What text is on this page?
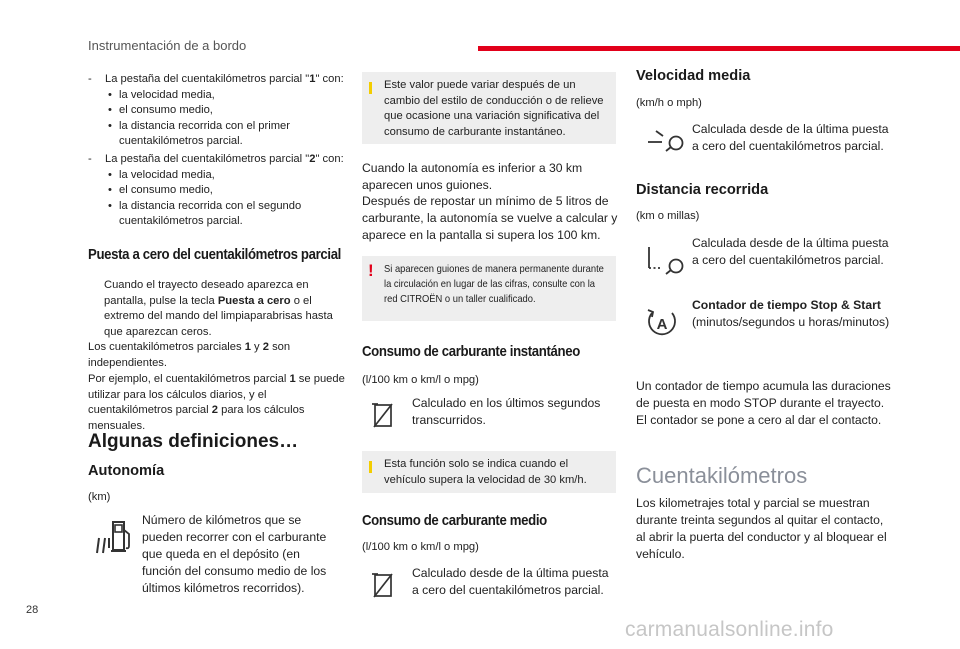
Instrumentación de a bordo
- La pestaña del cuentakilómetros parcial "1" con:
• la velocidad media,
• el consumo medio,
• la distancia recorrida con el primer cuentakilómetros parcial.
- La pestaña del cuentakilómetros parcial "2" con:
• la velocidad media,
• el consumo medio,
• la distancia recorrida con el segundo cuentakilómetros parcial.
Puesta a cero del cuentakilómetros parcial
Cuando el trayecto deseado aparezca en pantalla, pulse la tecla Puesta a cero o el extremo del mando del limpiaparabrisas hasta que aparezcan ceros.
Los cuentakilómetros parciales 1 y 2 son independientes.
Por ejemplo, el cuentakilómetros parcial 1 se puede utilizar para los cálculos diarios, y el cuentakilómetros parcial 2 para los cálculos mensuales.
Algunas definiciones…
Autonomía
(km)
Número de kilómetros que se pueden recorrer con el carburante que queda en el depósito (en función del consumo medio de los últimos kilómetros recorridos).
Este valor puede variar después de un cambio del estilo de conducción o de relieve que ocasione una variación significativa del consumo de carburante instantáneo.
Cuando la autonomía es inferior a 30 km aparecen unos guiones.
Después de repostar un mínimo de 5 litros de carburante, la autonomía se vuelve a calcular y aparece en la pantalla si supera los 100 km.
! Si aparecen guiones de manera permanente durante la circulación en lugar de las cifras, consulte con la red CITROËN o un taller cualificado.
Consumo de carburante instantáneo
(l/100 km o km/l o mpg)
Calculado en los últimos segundos transcurridos.
Esta función solo se indica cuando el vehículo supera la velocidad de 30 km/h.
Consumo de carburante medio
(l/100 km o km/l o mpg)
Calculado desde de la última puesta a cero del cuentakilómetros parcial.
Velocidad media
(km/h o mph)
Calculada desde de la última puesta a cero del cuentakilómetros parcial.
Distancia recorrida
(km o millas)
Calculada desde de la última puesta a cero del cuentakilómetros parcial.
A
Contador de tiempo Stop & Start
(minutos/segundos u horas/minutos)
Un contador de tiempo acumula las duraciones de puesta en modo STOP durante el trayecto. El contador se pone a cero al dar el contacto.
Cuentakilómetros
Los kilometrajes total y parcial se muestran durante treinta segundos al quitar el contacto, al abrir la puerta del conductor y al bloquear el vehículo.
28
carmanualsonline.info
